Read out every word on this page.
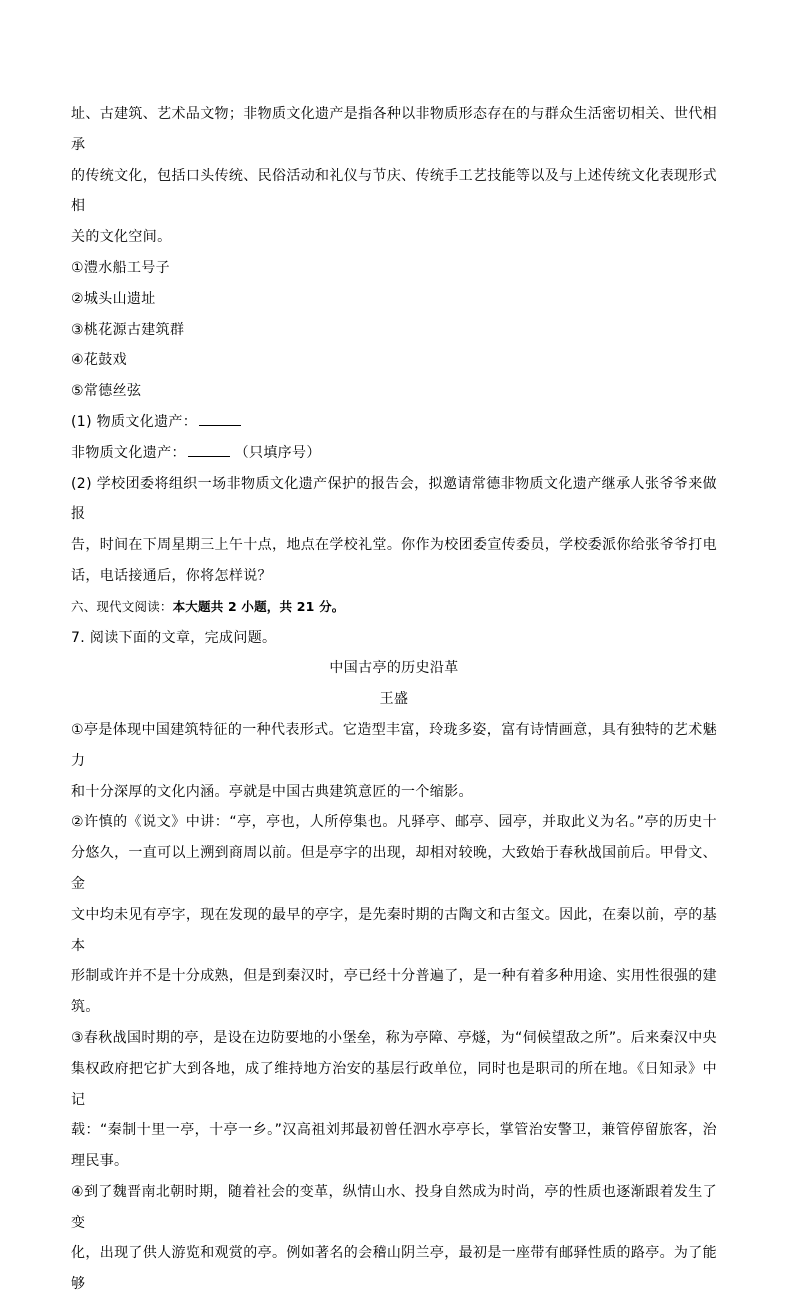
址、古建筑、艺术品文物；非物质文化遗产是指各种以非物质形态存在的与群众生活密切相关、世代相承
的传统文化，包括口头传统、民俗活动和礼仪与节庆、传统手工艺技能等以及与上述传统文化表现形式相
关的文化空间。
①澧水船工号子
②城头山遗址
③桃花源古建筑群
④花鼓戏
⑤常德丝弦
(1) 物质文化遗产：
非物质文化遗产：	（只填序号）
(2) 学校团委将组织一场非物质文化遗产保护的报告会，拟邀请常德非物质文化遗产继承人张爷爷来做报
告，时间在下周星期三上午十点，地点在学校礼堂。你作为校团委宣传委员，学校委派你给张爷爷打电
话，电话接通后，你将怎样说？
六、现代文阅读：本大题共 2 小题，共 21 分。
7. 阅读下面的文章，完成问题。
中国古亭的历史沿革
王盛
①亭是体现中国建筑特征的一种代表形式。它造型丰富，玲珑多姿，富有诗情画意，具有独特的艺术魅力
和十分深厚的文化内涵。亭就是中国古典建筑意匠的一个缩影。
②许慎的《说文》中讲：“亭，亭也，人所停集也。凡驿亭、邮亭、园亭，并取此义为名。”亭的历史十
分悠久，一直可以上溯到商周以前。但是亭字的出现，却相对较晚，大致始于春秋战国前后。甲骨文、金
文中均未见有亭字，现在发现的最早的亭字，是先秦时期的古陶文和古玺文。因此，在秦以前，亭的基本
形制或许并不是十分成熟，但是到秦汉时，亭已经十分普遍了，是一种有着多种用途、实用性很强的建
筑。
③春秋战国时期的亭，是设在边防要地的小堡垒，称为亭障、亭燧，为“伺候望敌之所”。后来秦汉中央
集权政府把它扩大到各地，成了维持地方治安的基层行政单位，同时也是职司的所在地。《日知录》中记
载：“秦制十里一亭，十亭一乡。”汉高祖刘邦最初曾任泗水亭亭长，掌管治安警卫，兼管停留旅客，治
理民事。
④到了魏晋南北朝时期，随着社会的变革，纵情山水、投身自然成为时尚，亭的性质也逐渐跟着发生了变
化，出现了供人游览和观赏的亭。例如著名的会稽山阴兰亭，最初是一座带有邮驿性质的路亭。为了能够
